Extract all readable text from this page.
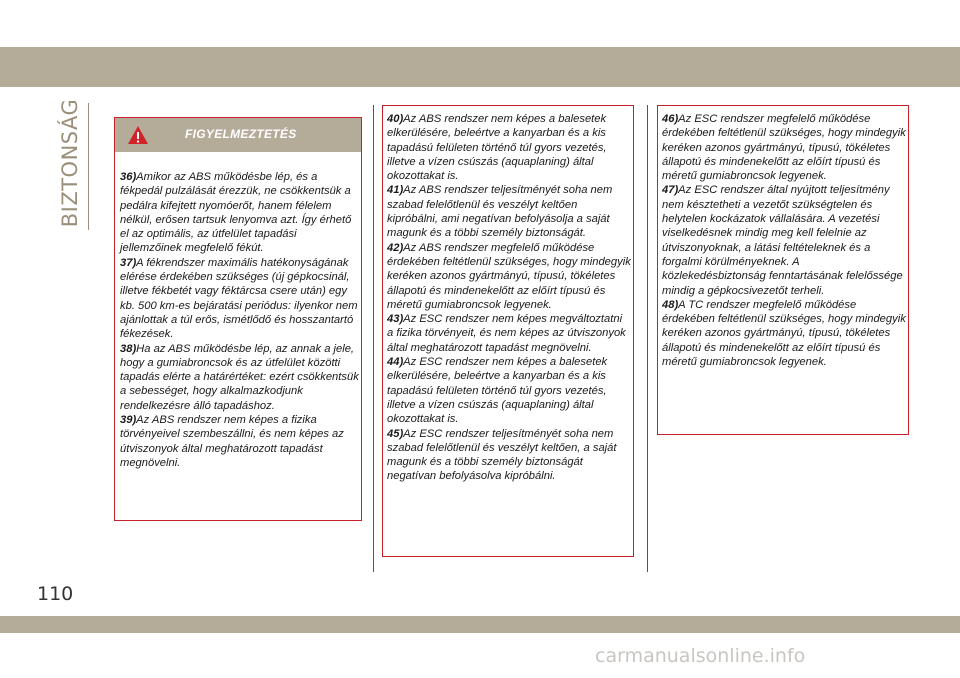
BIZTONSÁG	FIGYELMEZTETÉS
36)Amikor az ABS működésbe lép, és a fékpedál pulzálását érezzük, ne csökkentsük a pedálra kifejtett nyomóerőt, hanem félelem nélkül, erősen tartsuk lenyomva azt. Így érhető el az optimális, az útfelület tapadási jellemzőinek megfelelő fékút.
37)A fékrendszer maximális hatékonyságának elérése érdekében szükséges (új gépkocsinál, illetve fékbetét vagy féktárcsa csere után) egy kb. 500 km-es bejáratási periódus: ilyenkor nem ajánlottak a túl erős, ismétlődő és hosszantartó fékezések.
38)Ha az ABS működésbe lép, az annak a jele, hogy a gumiabroncsok és az útfelület közötti tapadás elérte a határértéket: ezért csökkentsük a sebességet, hogy alkalmazkodjunk rendelkezésre álló tapadáshoz.
39)Az ABS rendszer nem képes a fizika törvényeivel szembeszállni, és nem képes az útviszonyok által meghatározott tapadást megnövelni.
40)Az ABS rendszer nem képes a balesetek elkerülésére, beleértve a kanyarban és a kis tapadású felületen történő túl gyors vezetés, illetve a vízen csúszás (aquaplaning) által okozottakat is.
41)Az ABS rendszer teljesítményét soha nem szabad felelőtlenül és veszélyt keltően kipróbálni, ami negatívan befolyásolja a saját magunk és a többi személy biztonságát.
42)Az ABS rendszer megfelelő működése érdekében feltétlenül szükséges, hogy mindegyik keréken azonos gyártmányú, típusú, tökéletes állapotú és mindenekelőtt az előírt típusú és méretű gumiabroncsok legyenek.
43)Az ESC rendszer nem képes megváltoztatni a fizika törvényeit, és nem képes az útviszonyok által meghatározott tapadást megnövelni.
44)Az ESC rendszer nem képes a balesetek elkerülésére, beleértve a kanyarban és a kis tapadású felületen történő túl gyors vezetés, illetve a vízen csúszás (aquaplaning) által okozottakat is.
45)Az ESC rendszer teljesítményét soha nem szabad felelőtlenül és veszélyt keltően, a saját magunk és a többi személy biztonságát negatívan befolyásolva kipróbálni.
46)Az ESC rendszer megfelelő működése érdekében feltétlenül szükséges, hogy mindegyik keréken azonos gyártmányú, típusú, tökéletes állapotú és mindenekelőtt az előírt típusú és méretű gumiabroncsok legyenek.
47)Az ESC rendszer által nyújtott teljesítmény nem késztetheti a vezetőt szükségtelen és helytelen kockázatok vállalására. A vezetési viselkedésnek mindig meg kell felelnie az útviszonyoknak, a látási feltételeknek és a forgalmi körülményeknek. A közlekedésbiztonság fenntartásának felelőssége mindig a gépkocsivezetőt terheli.
48)A TC rendszer megfelelő működése érdekében feltétlenül szükséges, hogy mindegyik keréken azonos gyártmányú, típusú, tökéletes állapotú és mindenekelőtt az előírt típusú és méretű gumiabroncsok legyenek.
110
carmanualsonline.info
